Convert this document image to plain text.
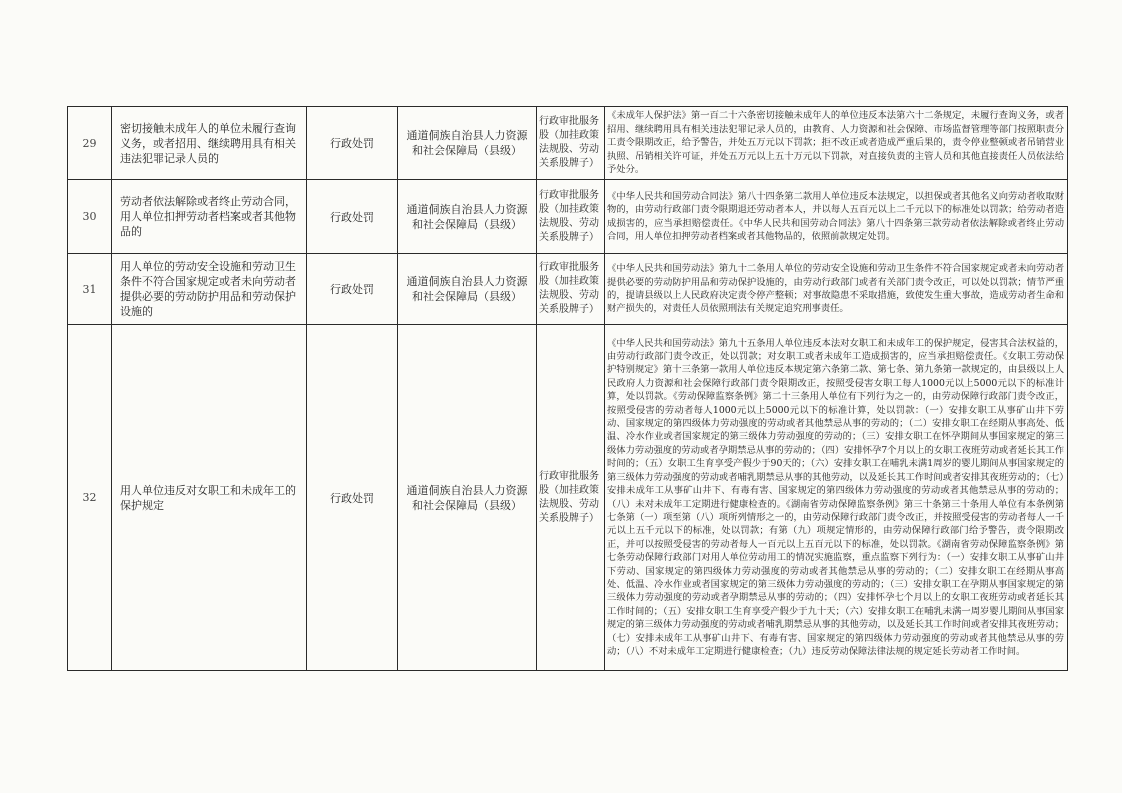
29	密切接触未成年人的单位未履行查询义务，或者招用、继续聘用具有相关违法犯罪记录人员的	行政处罚	通道侗族自治县人力资源和社会保障局（县级）	行政审批服务股（加挂政策法规股、劳动关系股牌子）	《未成年人保护法》第一百二十六条密切接触未成年人的单位违反本法第六十二条规定，未履行查询义务，或者招用、继续聘用具有相关违法犯罪记录人员的，由教育、人力资源和社会保障、市场监督管理等部门按照职责分工责令限期改正，给予警告，并处五万元以下罚款；拒不改正或者造成严重后果的，责令停业整顿或者吊销营业执照、吊销相关许可证，并处五万元以上五十万元以下罚款，对直接负责的主管人员和其他直接责任人员依法给予处分。
30	劳动者依法解除或者终止劳动合同，用人单位扣押劳动者档案或者其他物品的	行政处罚	通道侗族自治县人力资源和社会保障局（县级）	行政审批服务股（加挂政策法规股、劳动关系股牌子）	《中华人民共和国劳动合同法》第八十四条第二款用人单位违反本法规定，以担保或者其他名义向劳动者收取财物的，由劳动行政部门责令限期退还劳动者本人，并以每人五百元以上二千元以下的标准处以罚款；给劳动者造成损害的，应当承担赔偿责任。《中华人民共和国劳动合同法》第八十四条第三款劳动者依法解除或者终止劳动合同，用人单位扣押劳动者档案或者其他物品的，依照前款规定处罚。
31	用人单位的劳动安全设施和劳动卫生条件不符合国家规定或者未向劳动者提供必要的劳动防护用品和劳动保护设施的	行政处罚	通道侗族自治县人力资源和社会保障局（县级）	行政审批服务股（加挂政策法规股、劳动关系股牌子）	《中华人民共和国劳动法》第九十二条用人单位的劳动安全设施和劳动卫生条件不符合国家规定或者未向劳动者提供必要的劳动防护用品和劳动保护设施的，由劳动行政部门或者有关部门责令改正，可以处以罚款；情节严重的，提请县级以上人民政府决定责令停产整顿；对事故隐患不采取措施，致使发生重大事故，造成劳动者生命和财产损失的，对责任人员依照刑法有关规定追究刑事责任。
32	用人单位违反对女职工和未成年工的保护规定	行政处罚	通道侗族自治县人力资源和社会保障局（县级）	行政审批服务股（加挂政策法规股、劳动关系股牌子）	《中华人民共和国劳动法》第九十五条用人单位违反本法对女职工和未成年工的保护规定，侵害其合法权益的，由劳动行政部门责令改正，处以罚款；对女职工或者未成年工造成损害的，应当承担赔偿责任。《女职工劳动保护特别规定》第十三条第一款用人单位违反本规定第六条第二款、第七条、第九条第一款规定的，由县级以上人民政府人力资源和社会保障行政部门责令限期改正，按照受侵害女职工每人1000元以上5000元以下的标准计算，处以罚款。《劳动保障监察条例》第二十三条用人单位有下列行为之一的，由劳动保障行政部门责令改正，按照受侵害的劳动者每人1000元以上5000元以下的标准计算，处以罚款：（一）安排女职工从事矿山井下劳动、国家规定的第四级体力劳动强度的劳动或者其他禁忌从事的劳动的；（二）安排女职工在经期从事高处、低温、冷水作业或者国家规定的第三级体力劳动强度的劳动的；（三）安排女职工在怀孕期间从事国家规定的第三级体力劳动强度的劳动或者孕期禁忌从事的劳动的；（四）安排怀孕7个月以上的女职工夜班劳动或者延长其工作时间的；（五）女职工生育享受产假少于90天的；（六）安排女职工在哺乳未满1周岁的婴儿期间从事国家规定的第三级体力劳动强度的劳动或者哺乳期禁忌从事的其他劳动，以及延长其工作时间或者安排其夜班劳动的；（七）安排未成年工从事矿山井下、有毒有害、国家规定的第四级体力劳动强度的劳动或者其他禁忌从事的劳动的；（八）未对未成年工定期进行健康检查的。《湖南省劳动保障监察条例》第三十条第三十条用人单位有本条例第七条第（一）项至第（八）项所列情形之一的，由劳动保障行政部门责令改正，并按照受侵害的劳动者每人一千元以上五千元以下的标准，处以罚款；有第（九）项规定情形的，由劳动保障行政部门给予警告，责令限期改正，并可以按照受侵害的劳动者每人一百元以上五百元以下的标准，处以罚款。《湖南省劳动保障监察条例》第七条劳动保障行政部门对用人单位劳动用工的情况实施监察，重点监察下列行为：（一）安排女职工从事矿山井下劳动、国家规定的第四级体力劳动强度的劳动或者其他禁忌从事的劳动的；（二）安排女职工在经期从事高处、低温、冷水作业或者国家规定的第三级体力劳动强度的劳动的；（三）安排女职工在孕期从事国家规定的第三级体力劳动强度的劳动或者孕期禁忌从事的劳动的；（四）安排怀孕七个月以上的女职工夜班劳动或者延长其工作时间的；（五）安排女职工生育享受产假少于九十天；（六）安排女职工在哺乳未满一周岁婴儿期间从事国家规定的第三级体力劳动强度的劳动或者哺乳期禁忌从事的其他劳动，以及延长其工作时间或者安排其夜班劳动；（七）安排未成年工从事矿山井下、有毒有害、国家规定的第四级体力劳动强度的劳动或者其他禁忌从事的劳动；（八）不对未成年工定期进行健康检查；（九）违反劳动保障法律法规的规定延长劳动者工作时间。
